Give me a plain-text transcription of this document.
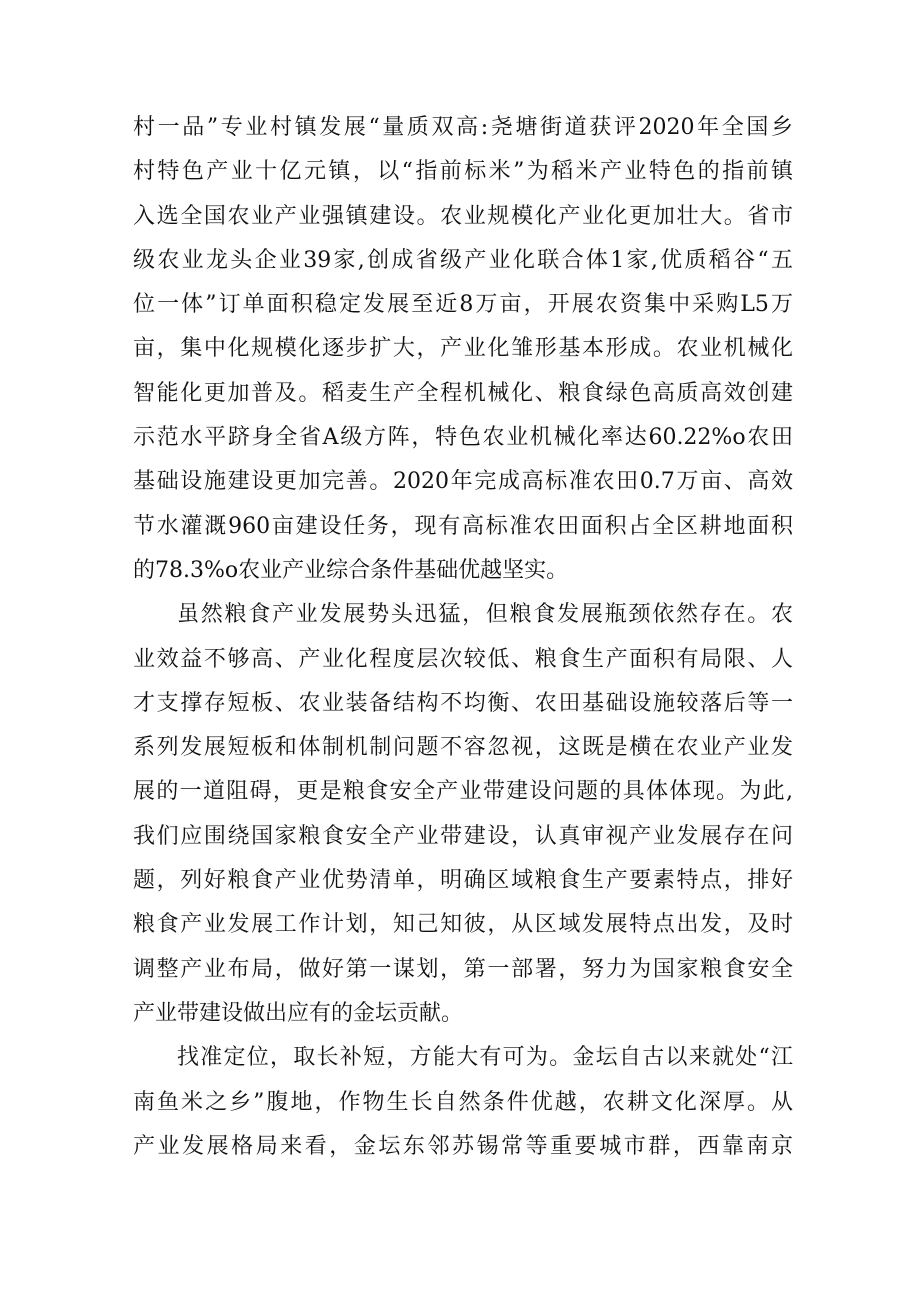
村一品”专业村镇发展“量质双高:尧塘街道获评2020年全国乡
村特色产业十亿元镇，以“指前标米”为稻米产业特色的指前镇
入选全国农业产业强镇建设。农业规模化产业化更加壮大。省市
级农业龙头企业39家,创成省级产业化联合体1家,优质稻谷“五
位一体”订单面积稳定发展至近8万亩，开展农资集中采购L5万
亩，集中化规模化逐步扩大，产业化雏形基本形成。农业机械化
智能化更加普及。稻麦生产全程机械化、粮食绿色高质高效创建
示范水平跻身全省A级方阵，特色农业机械化率达60.22%o农田
基础设施建设更加完善。2020年完成高标准农田0.7万亩、高效
节水灌溉960亩建设任务，现有高标准农田面积占全区耕地面积
的78.3%o农业产业综合条件基础优越坚实。

虽然粮食产业发展势头迅猛，但粮食发展瓶颈依然存在。农
业效益不够高、产业化程度层次较低、粮食生产面积有局限、人
才支撑存短板、农业装备结构不均衡、农田基础设施较落后等一
系列发展短板和体制机制问题不容忽视，这既是横在农业产业发
展的一道阻碍，更是粮食安全产业带建设问题的具体体现。为此,
我们应围绕国家粮食安全产业带建设，认真审视产业发展存在问
题，列好粮食产业优势清单，明确区域粮食生产要素特点，排好
粮食产业发展工作计划，知己知彼，从区域发展特点出发，及时
调整产业布局，做好第一谋划，第一部署，努力为国家粮食安全
产业带建设做出应有的金坛贡献。

找准定位，取长补短，方能大有可为。金坛自古以来就处“江
南鱼米之乡”腹地，作物生长自然条件优越，农耕文化深厚。从
产业发展格局来看，金坛东邻苏锡常等重要城市群，西靠南京
